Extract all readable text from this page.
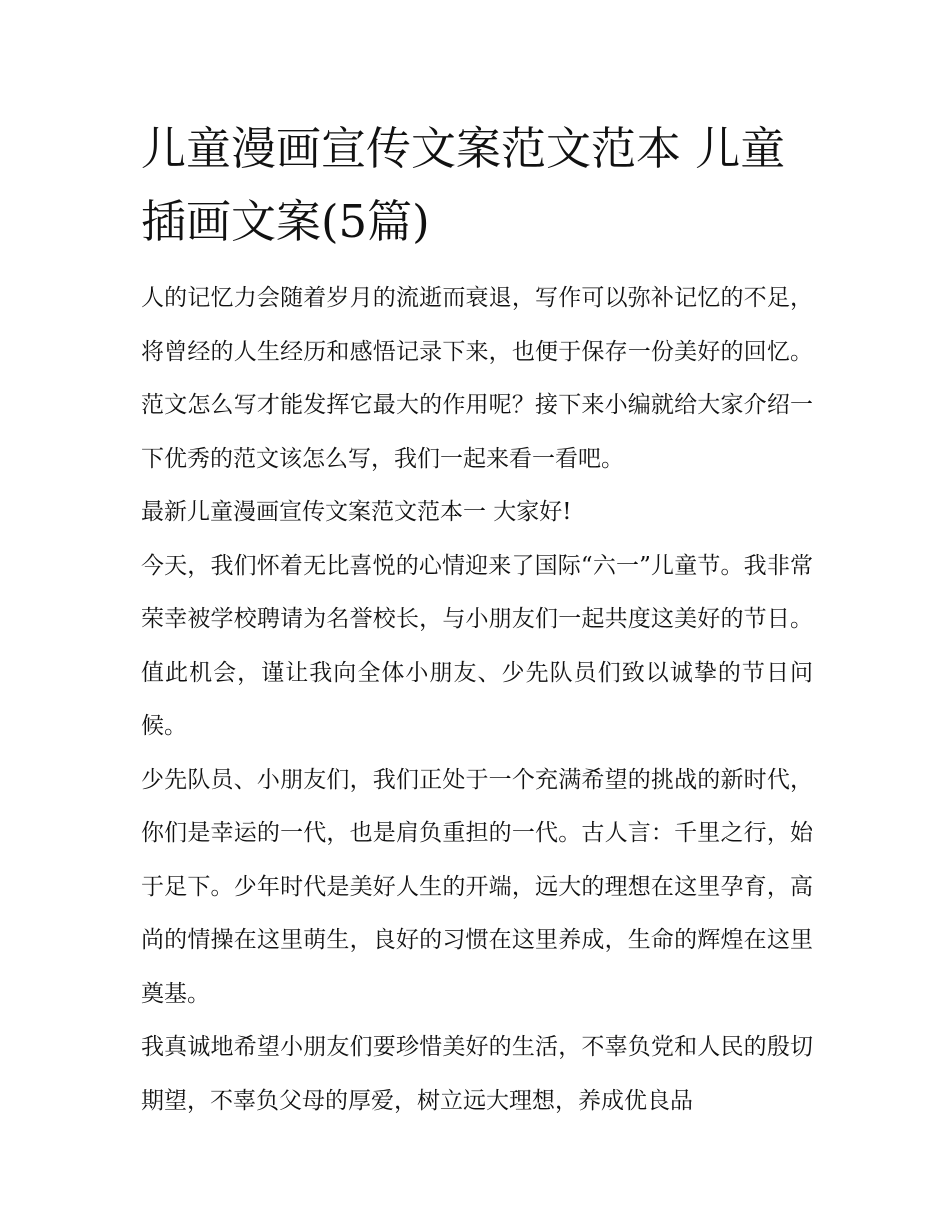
儿童漫画宣传文案范文范本 儿童插画文案(5篇)

人的记忆力会随着岁月的流逝而衰退，写作可以弥补记忆的不足，将曾经的人生经历和感悟记录下来，也便于保存一份美好的回忆。范文怎么写才能发挥它最大的作用呢？接下来小编就给大家介绍一下优秀的范文该怎么写，我们一起来看一看吧。

最新儿童漫画宣传文案范文范本一 大家好!

今天，我们怀着无比喜悦的心情迎来了国际“六一”儿童节。我非常荣幸被学校聘请为名誉校长，与小朋友们一起共度这美好的节日。值此机会，谨让我向全体小朋友、少先队员们致以诚挚的节日问候。

少先队员、小朋友们，我们正处于一个充满希望的挑战的新时代，你们是幸运的一代，也是肩负重担的一代。古人言：千里之行，始于足下。少年时代是美好人生的开端，远大的理想在这里孕育，高尚的情操在这里萌生，良好的习惯在这里养成，生命的辉煌在这里奠基。

我真诚地希望小朋友们要珍惜美好的生活，不辜负党和人民的殷切期望，不辜负父母的厚爱，树立远大理想，养成优良品
